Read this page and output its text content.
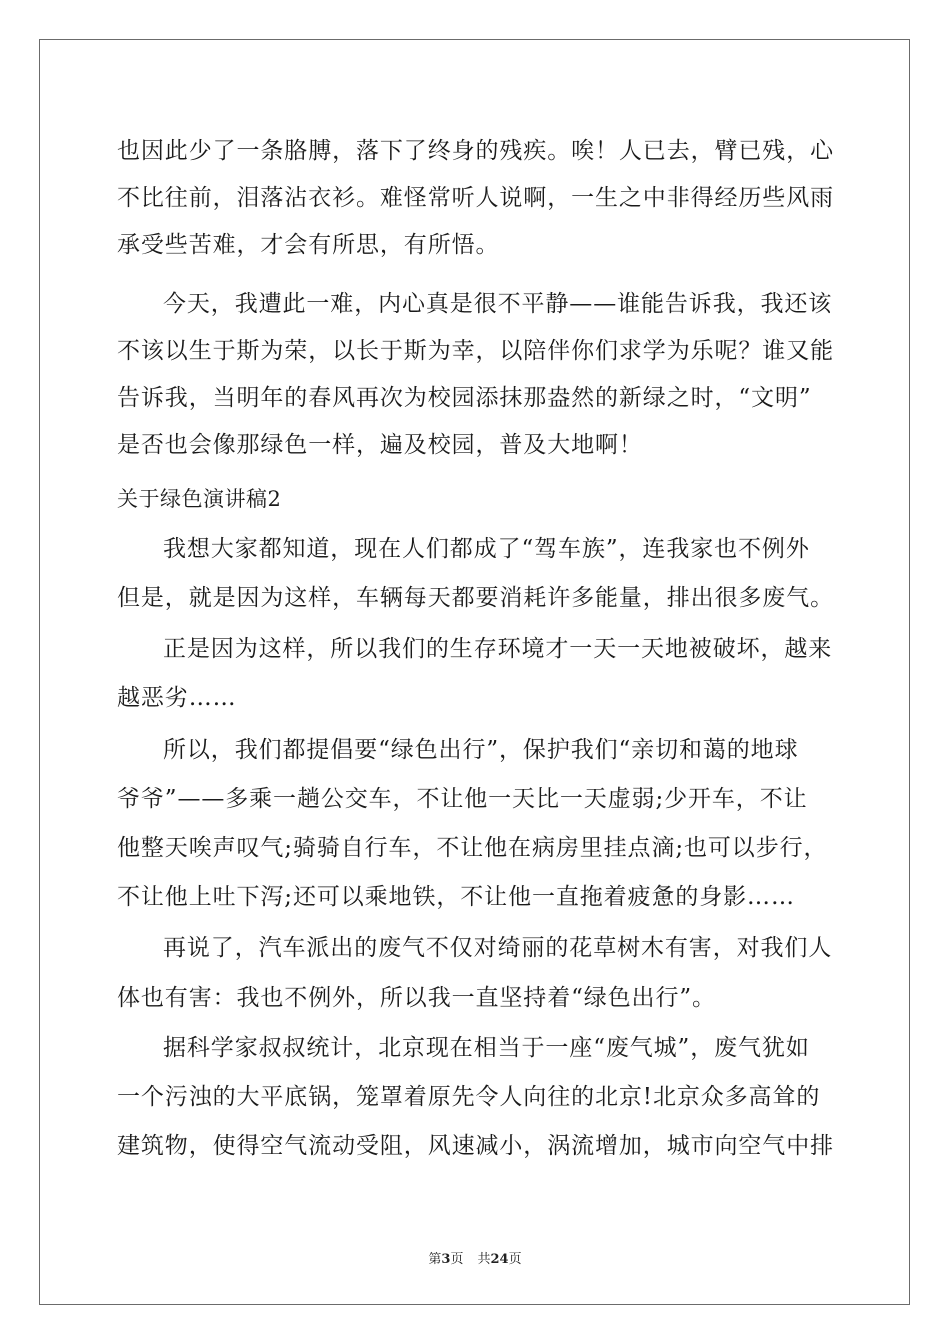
也因此少了一条胳膊，落下了终身的残疾。唉！人已去，臂已残，心
不比往前，泪落沾衣衫。难怪常听人说啊，一生之中非得经历些风雨
承受些苦难，才会有所思，有所悟。
今天，我遭此一难，内心真是很不平静——谁能告诉我，我还该
不该以生于斯为荣，以长于斯为幸，以陪伴你们求学为乐呢？谁又能
告诉我，当明年的春风再次为校园添抹那盎然的新绿之时，“文明”
是否也会像那绿色一样，遍及校园，普及大地啊！
关于绿色演讲稿2
我想大家都知道，现在人们都成了“驾车族”，连我家也不例外
但是，就是因为这样，车辆每天都要消耗许多能量，排出很多废气。
正是因为这样，所以我们的生存环境才一天一天地被破坏，越来
越恶劣……
所以，我们都提倡要“绿色出行”，保护我们“亲切和蔼的地球
爷爷”——多乘一趟公交车，不让他一天比一天虚弱;少开车，不让
他整天唉声叹气;骑骑自行车，不让他在病房里挂点滴;也可以步行，
不让他上吐下泻;还可以乘地铁，不让他一直拖着疲惫的身影……
再说了，汽车派出的废气不仅对绮丽的花草树木有害，对我们人
体也有害：我也不例外，所以我一直坚持着“绿色出行”。
据科学家叔叔统计，北京现在相当于一座“废气城”，废气犹如
一个污浊的大平底锅，笼罩着原先令人向往的北京!北京众多高耸的
建筑物，使得空气流动受阻，风速减小，涡流增加，城市向空气中排
第3页 共24页
